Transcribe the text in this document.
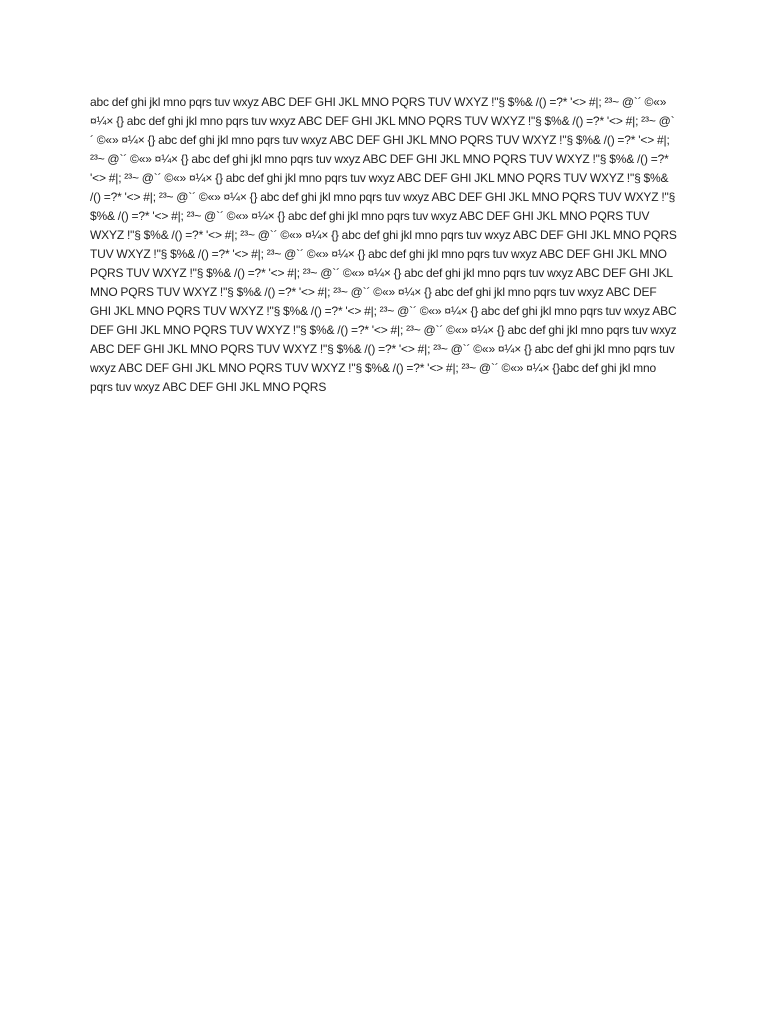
abc def ghi jkl mno pqrs tuv wxyz ABC DEF GHI JKL MNO PQRS TUV WXYZ !"§ $%& /() =?* '<> #|; ²³~ @`´ ©«» ¤¼× {} abc def ghi jkl mno pqrs tuv wxyz ABC DEF GHI JKL MNO PQRS TUV WXYZ !"§ $%& /() =?* '<> #|; ²³~ @`´ ©«» ¤¼× {} abc def ghi jkl mno pqrs tuv wxyz ABC DEF GHI JKL MNO PQRS TUV WXYZ !"§ $%& /() =?* '<> #|; ²³~ @`´ ©«» ¤¼× {} abc def ghi jkl mno pqrs tuv wxyz ABC DEF GHI JKL MNO PQRS TUV WXYZ !"§ $%& /() =?* '<> #|; ²³~ @`´ ©«» ¤¼× {} abc def ghi jkl mno pqrs tuv wxyz ABC DEF GHI JKL MNO PQRS TUV WXYZ !"§ $%& /() =?* '<> #|; ²³~ @`´ ©«» ¤¼× {} abc def ghi jkl mno pqrs tuv wxyz ABC DEF GHI JKL MNO PQRS TUV WXYZ !"§ $%& /() =?* '<> #|; ²³~ @`´ ©«» ¤¼× {} abc def ghi jkl mno pqrs tuv wxyz ABC DEF GHI JKL MNO PQRS TUV WXYZ !"§ $%& /() =?* '<> #|; ²³~ @`´ ©«» ¤¼× {} abc def ghi jkl mno pqrs tuv wxyz ABC DEF GHI JKL MNO PQRS TUV WXYZ !"§ $%& /() =?* '<> #|; ²³~ @`´ ©«» ¤¼× {} abc def ghi jkl mno pqrs tuv wxyz ABC DEF GHI JKL MNO PQRS TUV WXYZ !"§ $%& /() =?* '<> #|; ²³~ @`´ ©«» ¤¼× {} abc def ghi jkl mno pqrs tuv wxyz ABC DEF GHI JKL MNO PQRS TUV WXYZ !"§ $%& /() =?* '<> #|; ²³~ @`´ ©«» ¤¼× {} abc def ghi jkl mno pqrs tuv wxyz ABC DEF GHI JKL MNO PQRS TUV WXYZ !"§ $%& /() =?* '<> #|; ²³~ @`´ ©«» ¤¼× {} abc def ghi jkl mno pqrs tuv wxyz ABC DEF GHI JKL MNO PQRS TUV WXYZ !"§ $%& /() =?* '<> #|; ²³~ @`´ ©«» ¤¼× {} abc def ghi jkl mno pqrs tuv wxyz ABC DEF GHI JKL MNO PQRS TUV WXYZ !"§ $%& /() =?* '<> #|; ²³~ @`´ ©«» ¤¼× {} abc def ghi jkl mno pqrs tuv wxyz ABC DEF GHI JKL MNO PQRS TUV WXYZ !"§ $%& /() =?* '<> #|; ²³~ @`´ ©«» ¤¼× {}abc def ghi jkl mno pqrs tuv wxyz ABC DEF GHI JKL MNO PQRS
